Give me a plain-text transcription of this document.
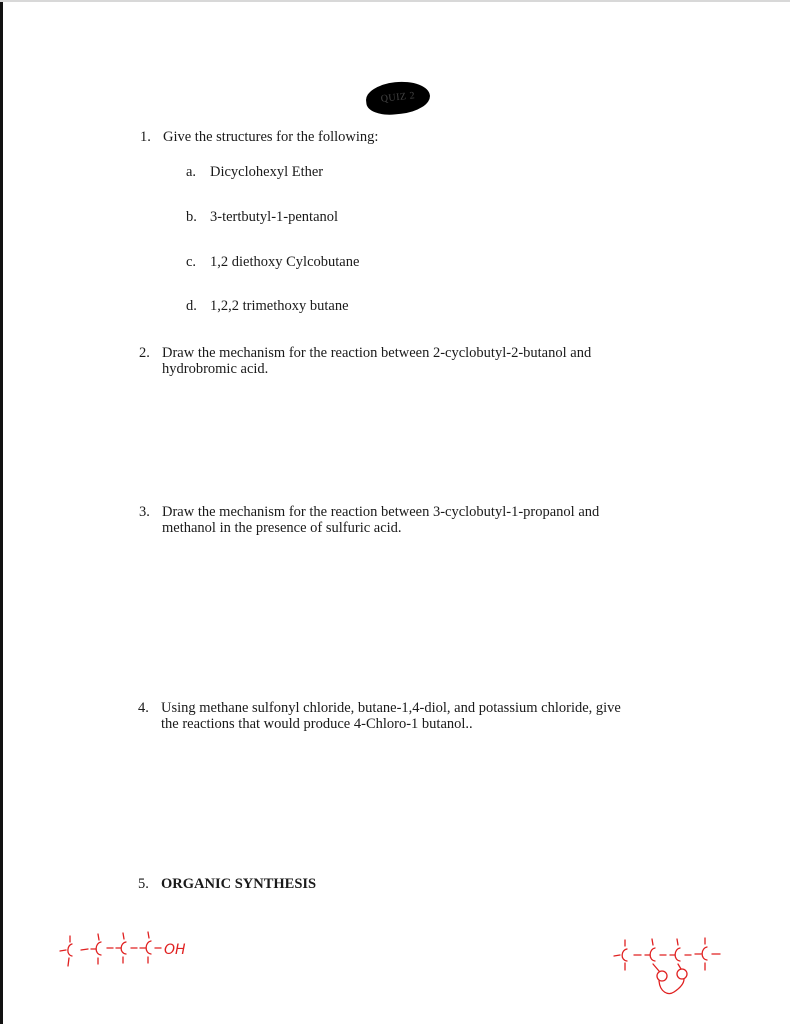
QUIZ 2
1. Give the structures for the following:
a. Dicyclohexyl Ether
b. 3-tertbutyl-1-pentanol
c. 1,2 diethoxy Cylcobutane
d. 1,2,2 trimethoxy butane
2. Draw the mechanism for the reaction between 2-cyclobutyl-2-butanol and
hydrobromic acid.
3. Draw the mechanism for the reaction between 3-cyclobutyl-1-propanol and
methanol in the presence of sulfuric acid.
4. Using methane sulfonyl chloride, butane-1,4-diol, and potassium chloride, give
the reactions that would produce 4-Chloro-1 butanol..
5. ORGANIC SYNTHESIS
OH
